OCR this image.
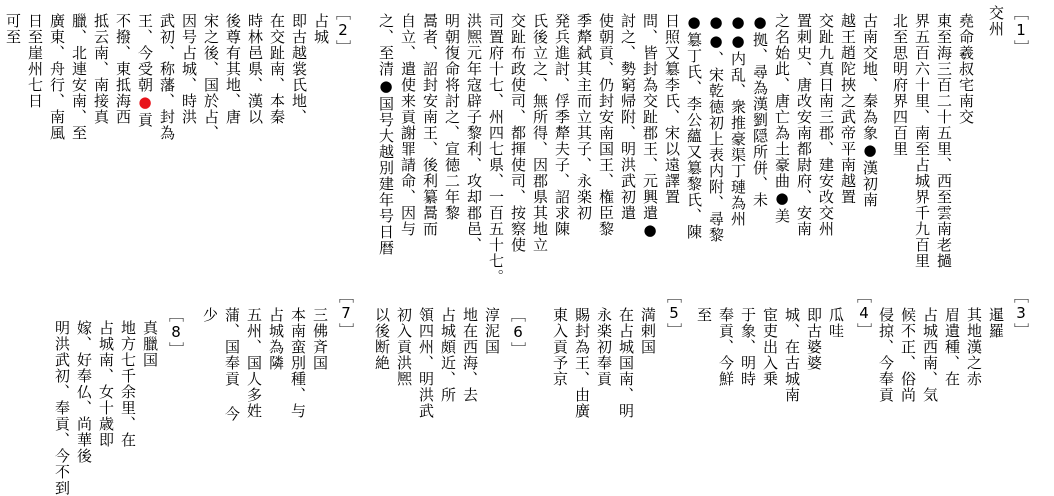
［1］
交州
堯命羲叔宅南交
東至海三百二十五里、西至雲南老撾
界五百六十里、南至占城界千九百里
北至思明府界四百里
古南交地、秦為象●漢初南
越王趙陀挾之武帝平南越置
交趾九真日南三郡、建安改交州
置刺史、唐改安南都尉府、安南
之名始此、唐亡為土豪曲●美
●拠、尋為漢劉隠所併、未
●●内乱、衆推豪渠丁璉為州
●●、宋乾徳初上表内附、尋黎
●簒丁氏、李公蘊又簒黎氏、陳
日照又簒李氏、宋以遠譯置
問、皆封為交趾郡王、元興遣●
討之、勢窮帰附、明洪武初遣
使朝貢、仍封安南国王、権臣黎
季犛弑其主而立其子、永楽初
発兵進討、俘季犛夫子、詔求陳
氏後立之、無所得、因郡県其地立
交趾布政使司、都揮使司、按察使
司置府十七、州四七県、一百五十七。
洪熈元年寇辟子黎利、攻却郡邑、
明朝復命将討之、宣徳二年黎
暠者、詔封安南王、後利纂暠而
自立、遣使来貢謝罪請命、因与
之、至清●国号大越別建年号日暦
［2］
占城
即古越裳氏地、
在交趾南、本秦
時林邑県、漢以
後尊有其地、唐
宋之後、国於占、
因号占城、時洪
武初、称藩、封為
王、今受朝●貢
不撥、東抵海西
抵云南、南接真
臘、北連安南、至
廣東、舟行、南風
日至崖州七日
可至
［3］
暹羅
其地漢之赤
眉遺種、在
占城西南、気
候不正、俗尚
侵掠、今奉貢
［4］
瓜哇
即古婆婆
城、在古城南
宦吏出入乗
于象、明時
奉貢、今鮮
至
［5］
満剌国
在占城国南、明
永楽初奉貢
賜封為王、由廣
東入貢予京
［6］
淳泥国
地在西海、去
占城頗近、所
領四州、明洪武
初入貢洪熈
以後断絶
［7］
三佛斉国
本南蛮別種、与
占城為隣
五州、国人多姓
蒲、国奉貢 今
少
［8］
真臘国
地方七千余里、在
占城南、女十歳即
嫁、好奉仏、尚華後
明洪武初、奉貢、今不到
